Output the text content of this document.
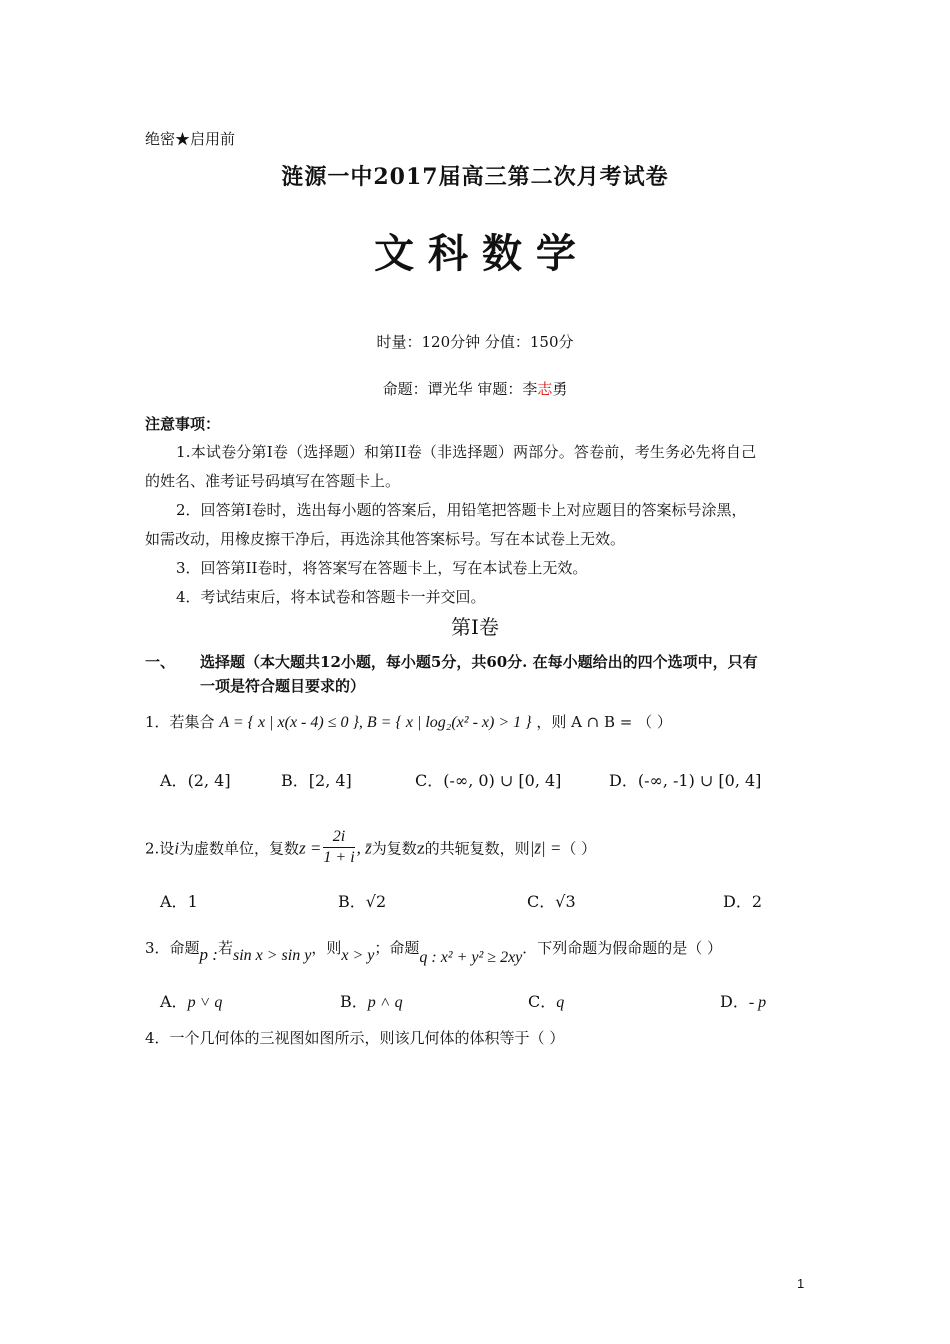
绝密★启用前
涟源一中2017届高三第二次月考试卷
文 科 数 学
时量：120分钟 分值：150分
命题：谭光华 审题：李志勇
注意事项：
1.本试卷分第Ⅰ卷（选择题）和第II卷（非选择题）两部分。答卷前，考生务必先将自己
的姓名、准考证号码填写在答题卡上。
2．回答第Ⅰ卷时，选出每小题的答案后，用铅笔把答题卡上对应题目的答案标号涂黑，
如需改动，用橡皮擦干净后，再选涂其他答案标号。写在本试卷上无效。
3．回答第II卷时，将答案写在答题卡上，写在本试卷上无效。
4．考试结束后，将本试卷和答题卡一并交回。
第Ⅰ卷
一、 选择题（本大题共12小题，每小题5分，共60分. 在每小题给出的四个选项中，只有
一项是符合题目要求的）
1．若集合 A = { x | x(x - 4) ≤ 0 }, B = { x | log₂(x² - x) > 1 } ，则 A ∩ B = （ ）
A．(2, 4]	B．[2, 4]	C．(-∞, 0) ∪ [0, 4]	D．(-∞, -1) ∪ [0, 4]
2.设i为虚数单位，复数$z = \frac{2i}{1 + i}$ , z̄为复数z的共轭复数，则|z̄| =（ ）
A．1	B．√2	C．√3	D．2
3．命题p :若sin x > sin y，则x > y；命题q : x² + y² ≥ 2xy．下列命题为假命题的是（ ）
A．p ˅ q	B．p ˄ q	C．q	D．- p
4．一个几何体的三视图如图所示，则该几何体的体积等于（ ）
1
